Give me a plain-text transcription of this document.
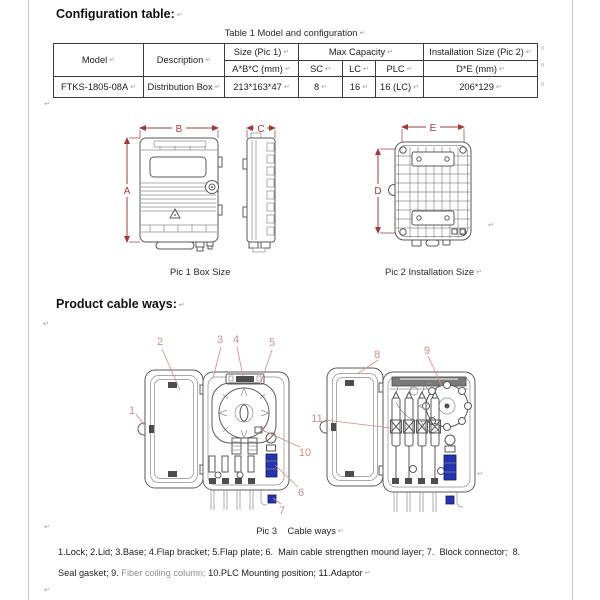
Configuration table: ↵
Table 1 Model and configuration ↵
Model ↵	Description ↵	Size (Pic 1) ↵	Max Capacity ↵			Installation Size (Pic 2) ↵
		A*B*C (mm) ↵	SC ↵	LC ↵	PLC ↵	D*E (mm) ↵
FTKS-1805-08A ↵	Distribution Box ↵	213*163*47 ↵	8 ↵	16 ↵	16 (LC) ↵	206*129 ↵
¤
¤
¤
↵
B
A
C	E
D
↵
Pic 1 Box Size	Pic 2 Installation Size ↵
Product cable ways: ↵
↵
2	3 4	5
1
10
6
7
8	9
11
↵
Pic 3    Cable ways ↵
↵
1.Lock; 2.Lid; 3.Base; 4.Flap bracket; 5.Flap plate; 6.  Main cable strengthen mound layer; 7.  Block connector;  8.
Seal gasket; 9. Fiber coiling column; 10.PLC Mounting position; 11.Adaptor ↵
↵
